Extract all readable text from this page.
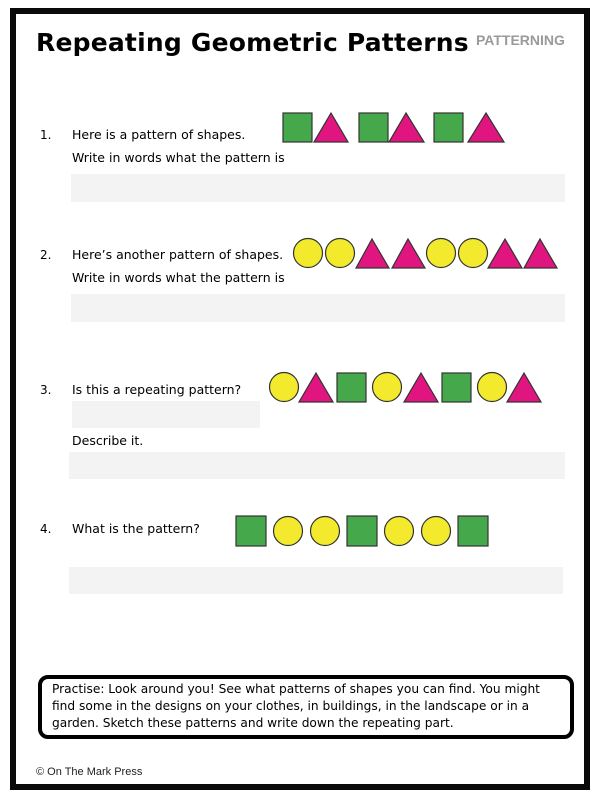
Repeating Geometric Patterns PATTERNING
1. Here is a pattern of shapes.
Write in words what the pattern is
2. Here’s another pattern of shapes.
Write in words what the pattern is
3. Is this a repeating pattern?
Describe it.
4. What is the pattern?
Practise: Look around you! See what patterns of shapes you can find. You might find some in the designs on your clothes, in buildings, in the landscape or in a garden. Sketch these patterns and write down the repeating part.
© On The Mark Press
